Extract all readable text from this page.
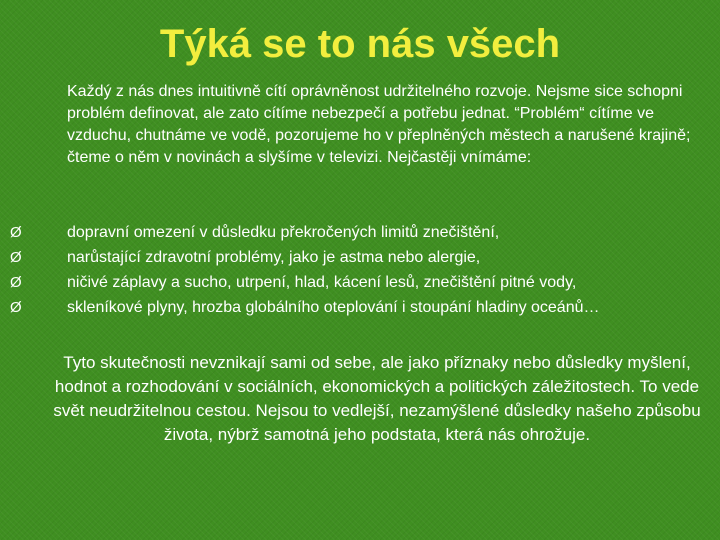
Týká se to nás všech

Každý z nás dnes intuitivně cítí oprávněnost udržitelného rozvoje. Nejsme sice schopni problém definovat, ale zato cítíme nebezpečí a potřebu jednat. “Problém“ cítíme ve vzduchu, chutnáme ve vodě, pozorujeme ho v přeplněných městech a narušené krajině; čteme o něm v novinách a slyšíme v televizi. Nejčastěji vnímáme:

Ø	dopravní omezení v důsledku překročených limitů znečištění,
Ø	narůstající zdravotní problémy, jako je astma nebo alergie,
Ø	ničivé záplavy a sucho, utrpení, hlad, kácení lesů, znečištění pitné vody,
Ø	skleníkové plyny, hrozba globálního oteplování i stoupání hladiny oceánů…

Tyto skutečnosti nevznikají sami od sebe, ale jako příznaky nebo důsledky myšlení, hodnot a rozhodování v sociálních, ekonomických a politických záležitostech. To vede svět neudržitelnou cestou. Nejsou to vedlejší, nezamýšlené důsledky našeho způsobu života, nýbrž samotná jeho podstata, která nás ohrožuje.
